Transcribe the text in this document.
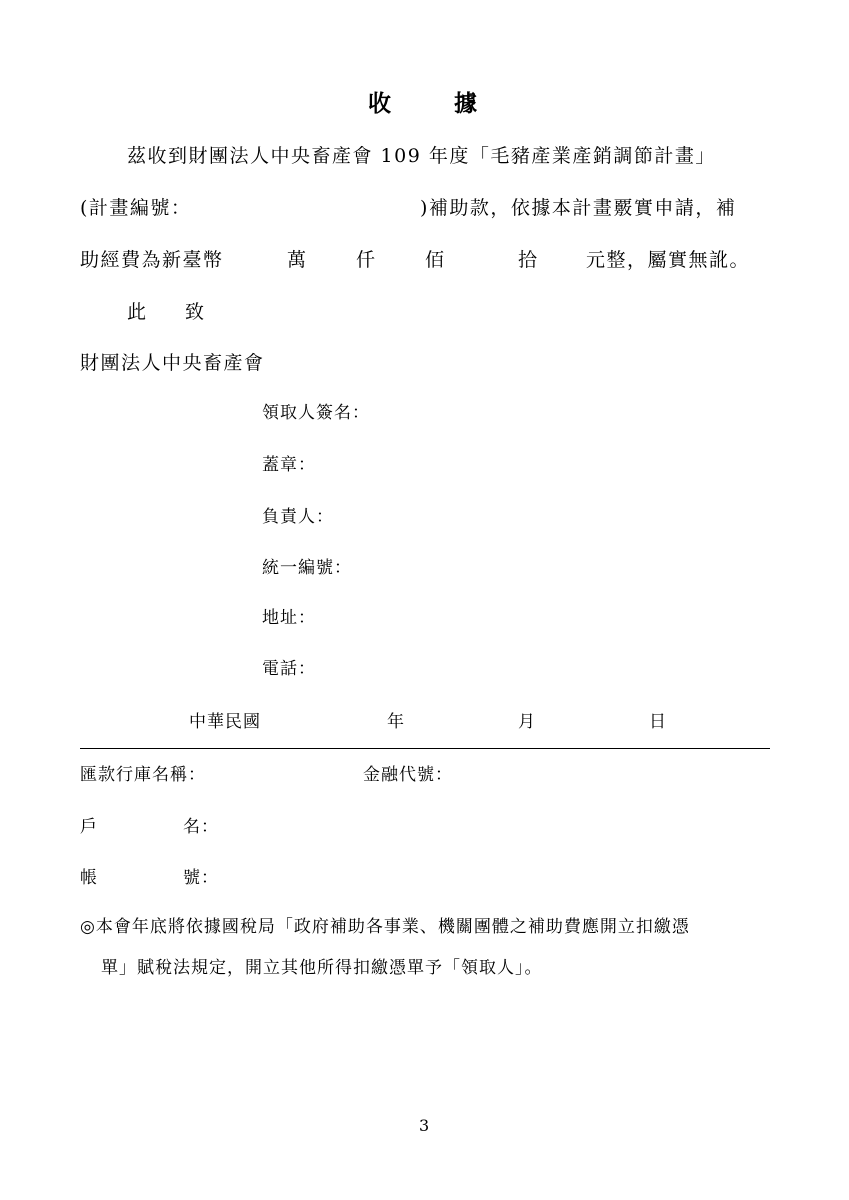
收	據
茲收到財團法人中央畜產會 109 年度「毛豬產業產銷調節計畫」
(計畫編號：	)補助款，依據本計畫覈實申請，補
助經費為新臺幣	萬	仟	佰	拾 元整，屬實無訛。
此 致
財團法人中央畜產會
領取人簽名：
蓋章：
負責人：
統一編號：
地址：
電話：
中華民國	年	月	日
匯款行庫名稱：	金融代號：
戶	名：
帳	號：
◎本會年底將依據國稅局「政府補助各事業、機關團體之補助費應開立扣繳憑
單」賦稅法規定，開立其他所得扣繳憑單予「領取人」。
3
